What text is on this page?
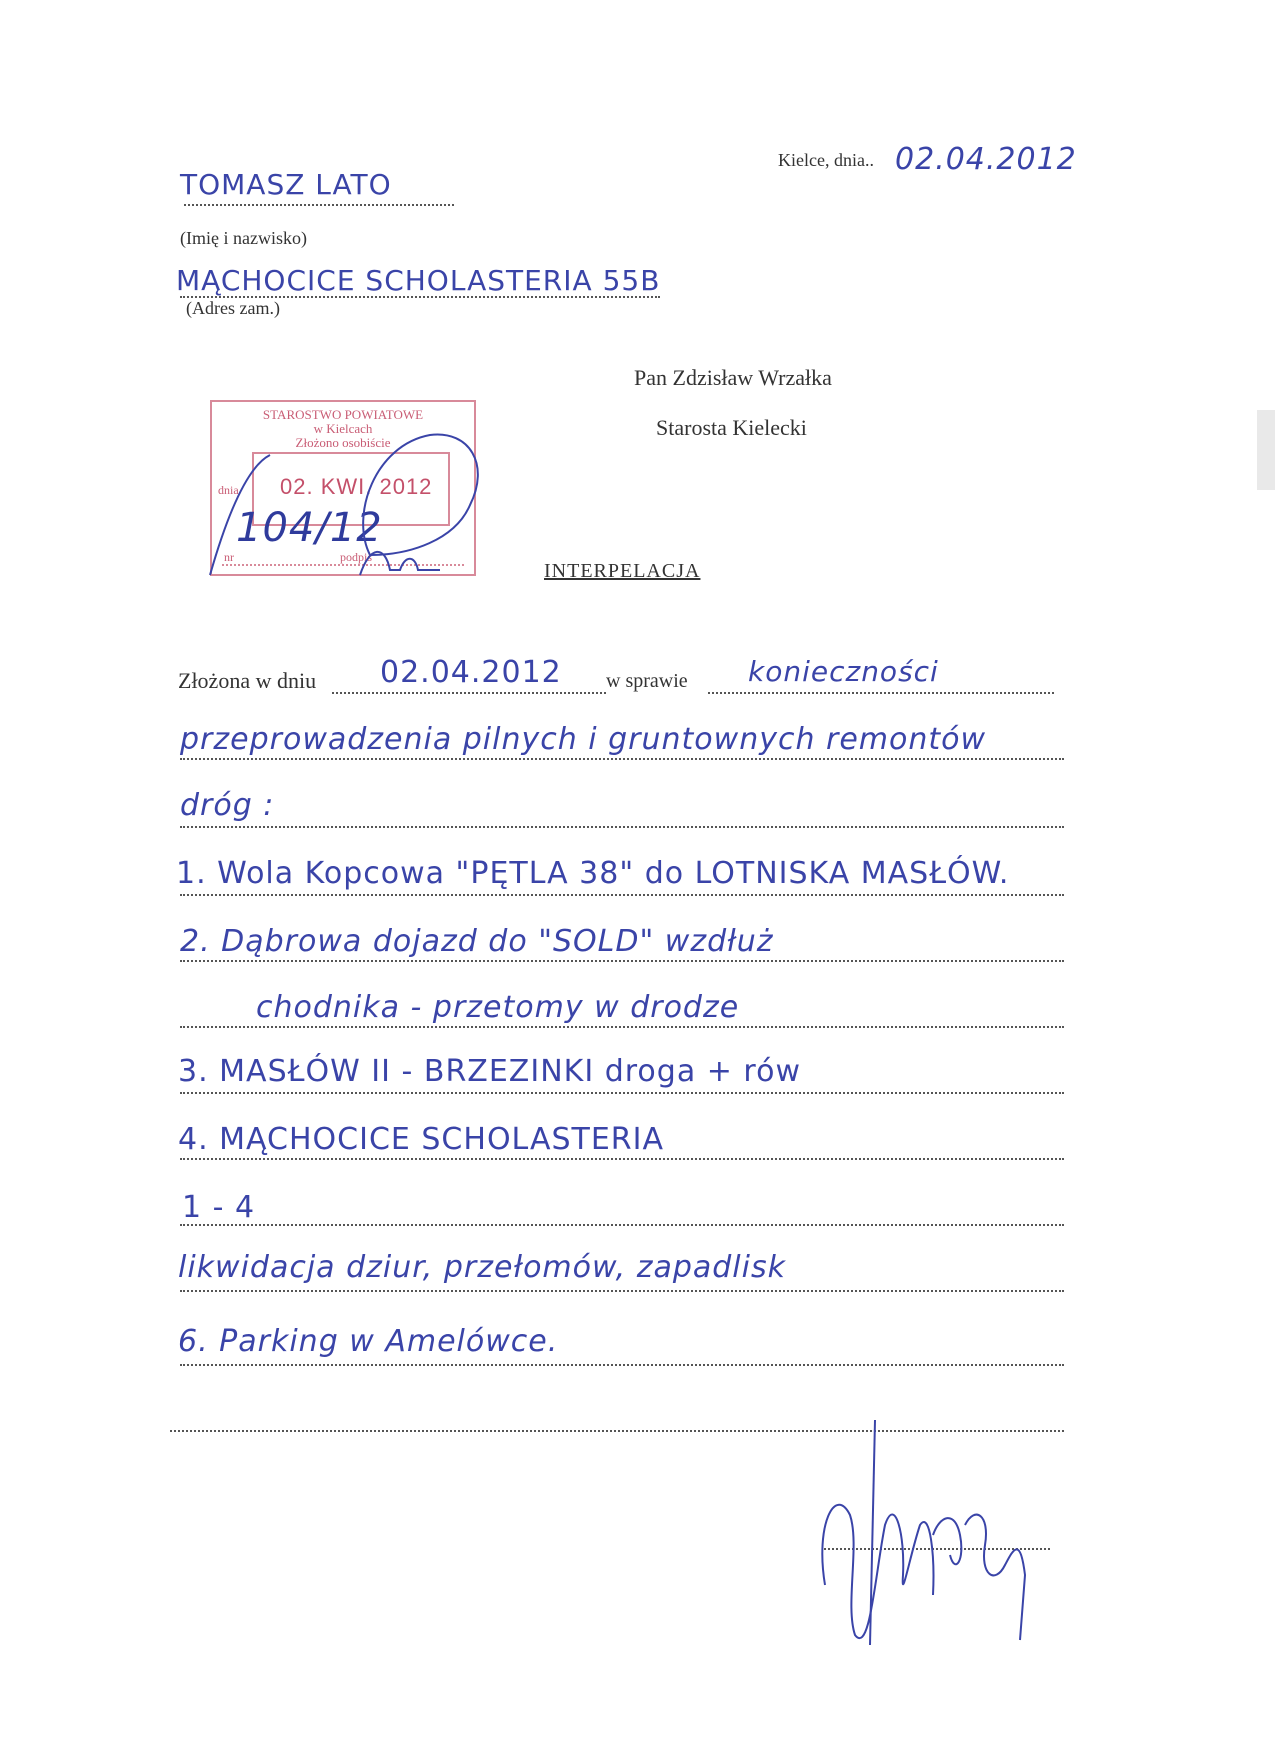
Kielce, dnia.. 02.04.2012
TOMASZ LATO
(Imię i nazwisko)
MĄCHOCICE SCHOLASTERIA 55B
(Adres zam.)
Pan Zdzisław Wrzałka
Starosta Kielecki
STAROSTWO POWIATOWE
w Kielcach
Złożono osobiście
dnia 02. KWI. 2012
nr	podpis
104/12
INTERPELACJA
Złożona w dniu 02.04.2012 w sprawie konieczności
przeprowadzenia pilnych i gruntownych remontów
dróg :
1. Wola Kopcowa "PĘTLA 38" do LOTNISKA MASŁÓW.
2. Dąbrowa dojazd do "SOLD" wzdłuż
chodnika - przetomy w drodze
3. MASŁÓW II - BRZEZINKI droga + rów
4. MĄCHOCICE SCHOLASTERIA
1 - 4
likwidacja dziur, przełomów, zapadlisk
6. Parking w Amelówce.
